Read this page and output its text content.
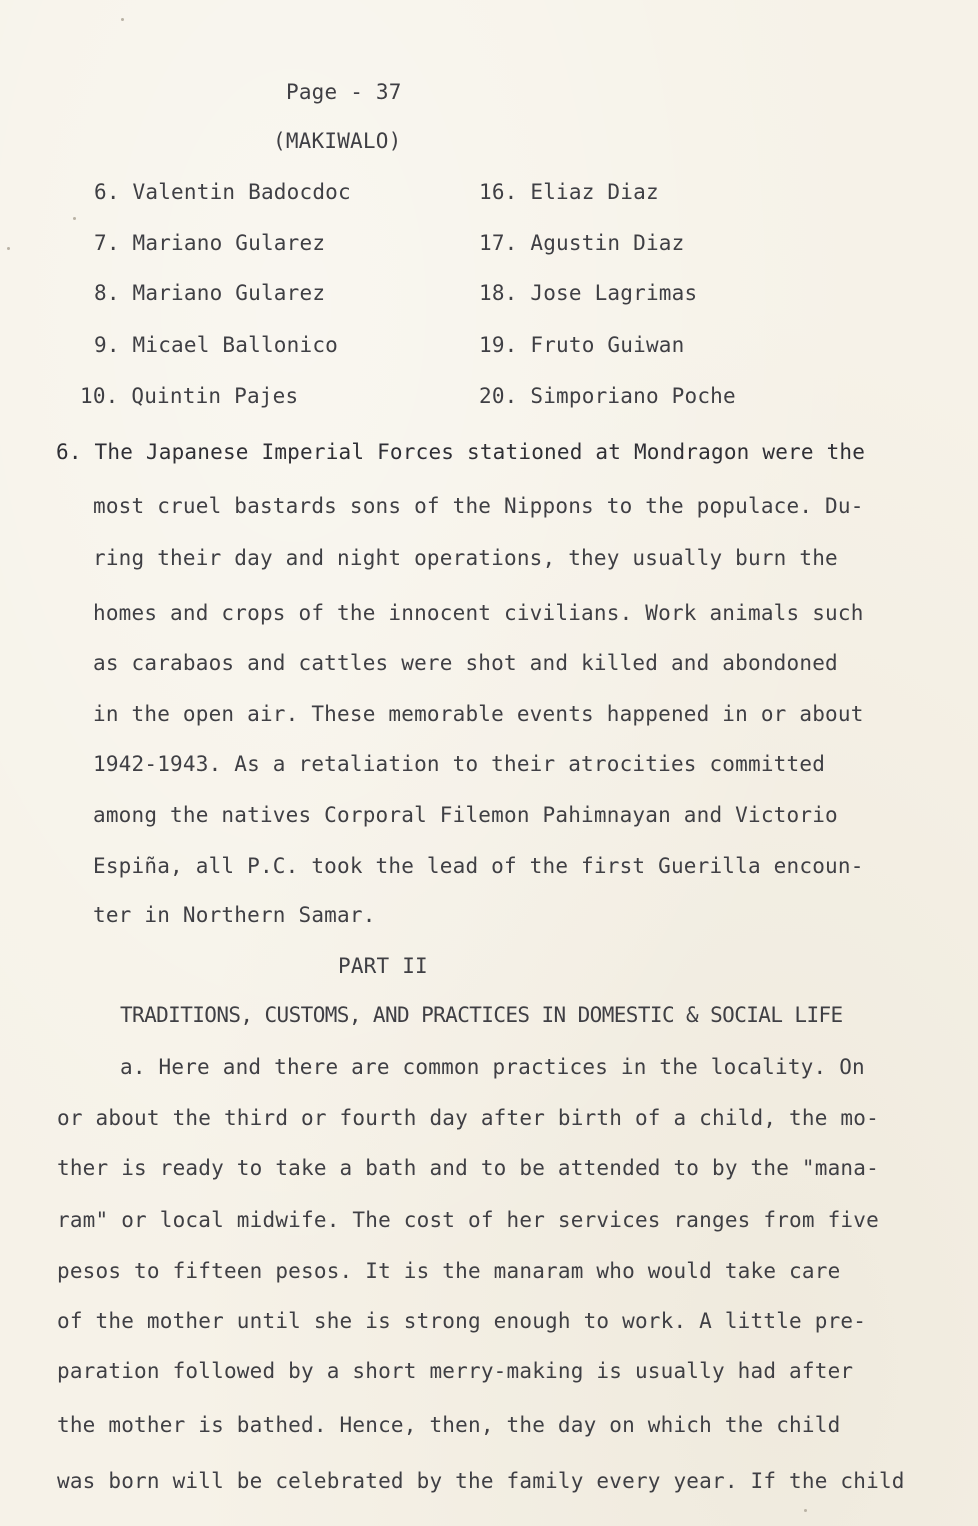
Page - 37
(MAKIWALO)
6. Valentin Badocdoc
7. Mariano Gularez
8. Mariano Gularez
9. Micael Ballonico
10. Quintin Pajes
16. Eliaz Diaz
17. Agustin Diaz
18. Jose Lagrimas
19. Fruto Guiwan
20. Simporiano Poche
6. The Japanese Imperial Forces stationed at Mondragon were the
most cruel bastards sons of the Nippons to the populace. Du-
ring their day and night operations, they usually burn the
homes and crops of the innocent civilians. Work animals such
as carabaos and cattles were shot and killed and abondoned
in the open air. These memorable events happened in or about
1942-1943. As a retaliation to their atrocities committed
among the natives Corporal Filemon Pahimnayan and Victorio
Espiña, all P.C. took the lead of the first Guerilla encoun-
ter in Northern Samar.
PART II
TRADITIONS, CUSTOMS, AND PRACTICES IN DOMESTIC & SOCIAL LIFE
a. Here and there are common practices in the locality. On
or about the third or fourth day after birth of a child, the mo-
ther is ready to take a bath and to be attended to by the "mana-
ram" or local midwife. The cost of her services ranges from five
pesos to fifteen pesos. It is the manaram who would take care
of the mother until she is strong enough to work. A little pre-
paration followed by a short merry-making is usually had after
the mother is bathed. Hence, then, the day on which the child
was born will be celebrated by the family every year. If the child
